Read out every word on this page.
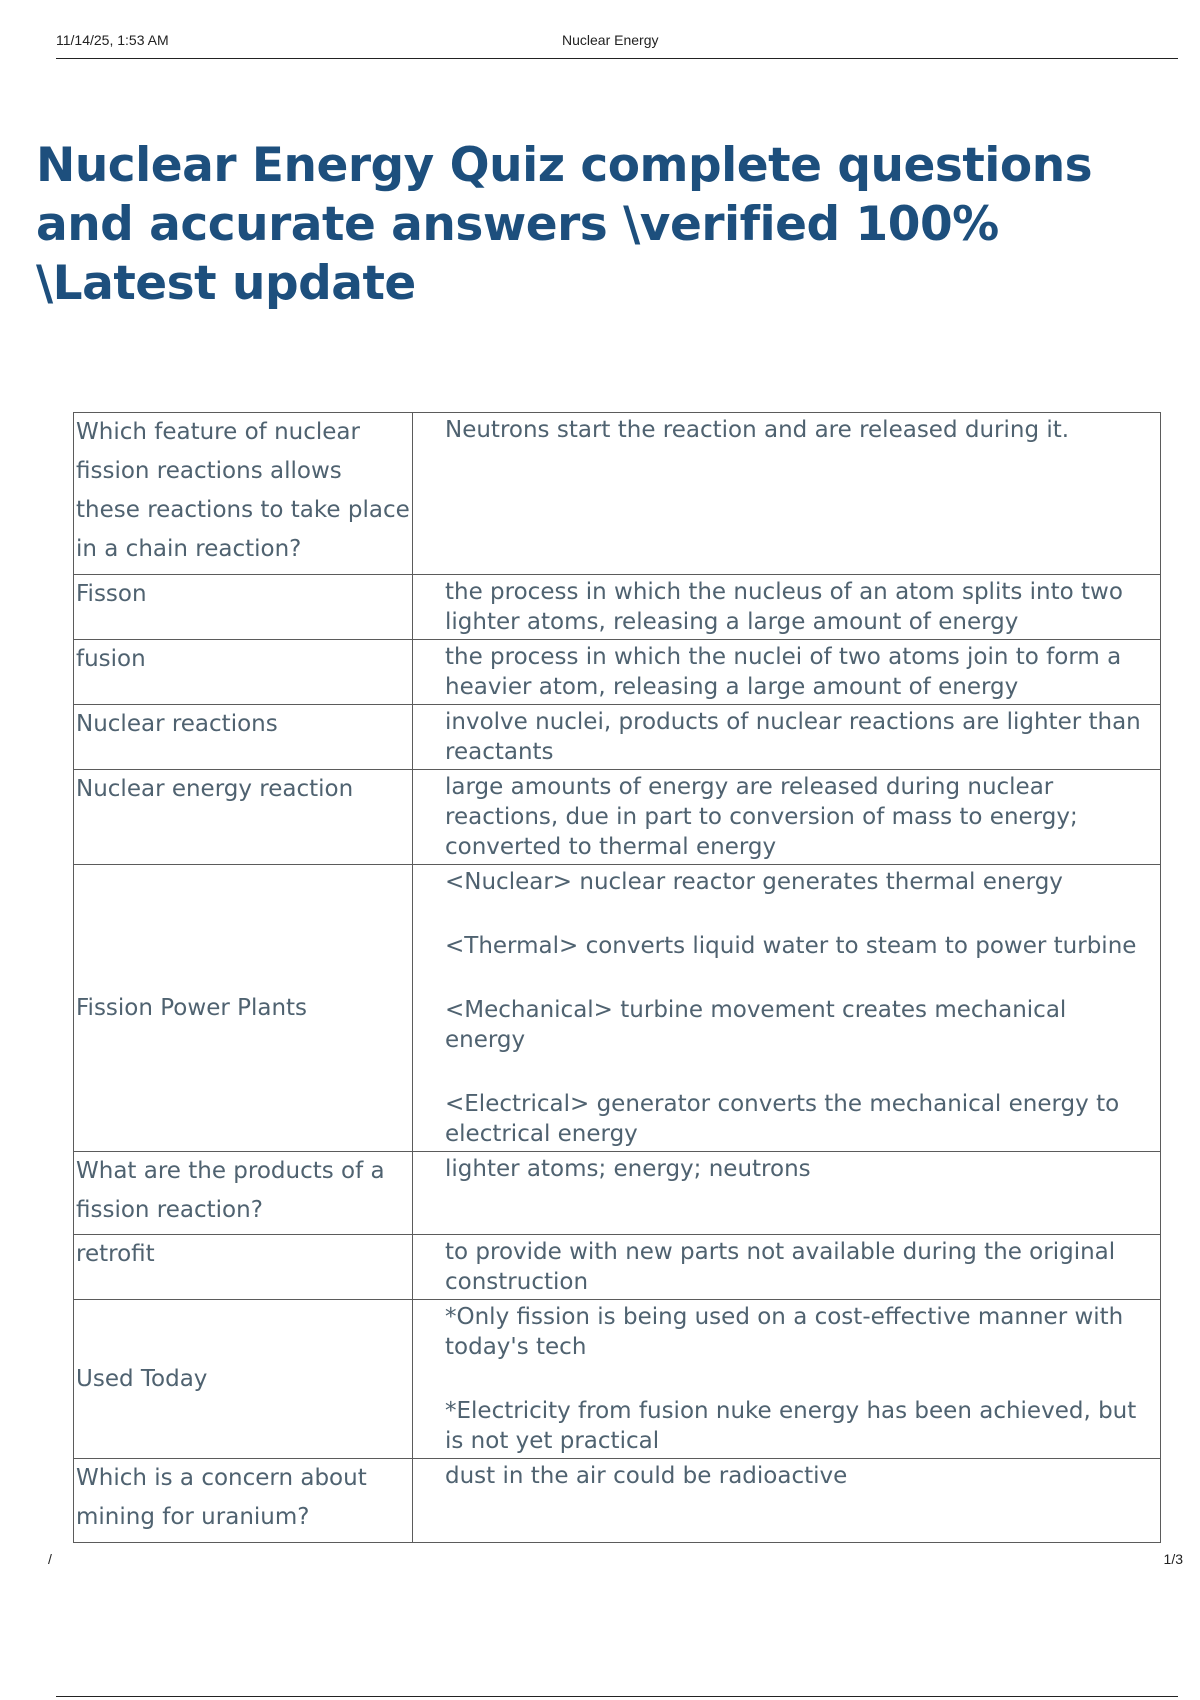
11/14/25, 1:53 AM	Nuclear Energy
Nuclear Energy Quiz complete questions and accurate answers \verified 100% \Latest update
Which feature of nuclear fission reactions allows these reactions to take place in a chain reaction?	Neutrons start the reaction and are released during it.

Fisson	the process in which the nucleus of an atom splits into two lighter atoms, releasing a large amount of energy

fusion	the process in which the nuclei of two atoms join to form a heavier atom, releasing a large amount of energy

Nuclear reactions	involve nuclei, products of nuclear reactions are lighter than reactants

Nuclear energy reaction	large amounts of energy are released during nuclear reactions, due in part to conversion of mass to energy; converted to thermal energy

Fission Power Plants	<Nuclear> nuclear reactor generates thermal energy

<Thermal> converts liquid water to steam to power turbine

<Mechanical> turbine movement creates mechanical energy

<Electrical> generator converts the mechanical energy to electrical energy

What are the products of a fission reaction?	lighter atoms; energy; neutrons

retrofit	to provide with new parts not available during the original construction

Used Today	*Only fission is being used on a cost-effective manner with today's tech

*Electricity from fusion nuke energy has been achieved, but is not yet practical

Which is a concern about mining for uranium?	dust in the air could be radioactive

/	1/3
